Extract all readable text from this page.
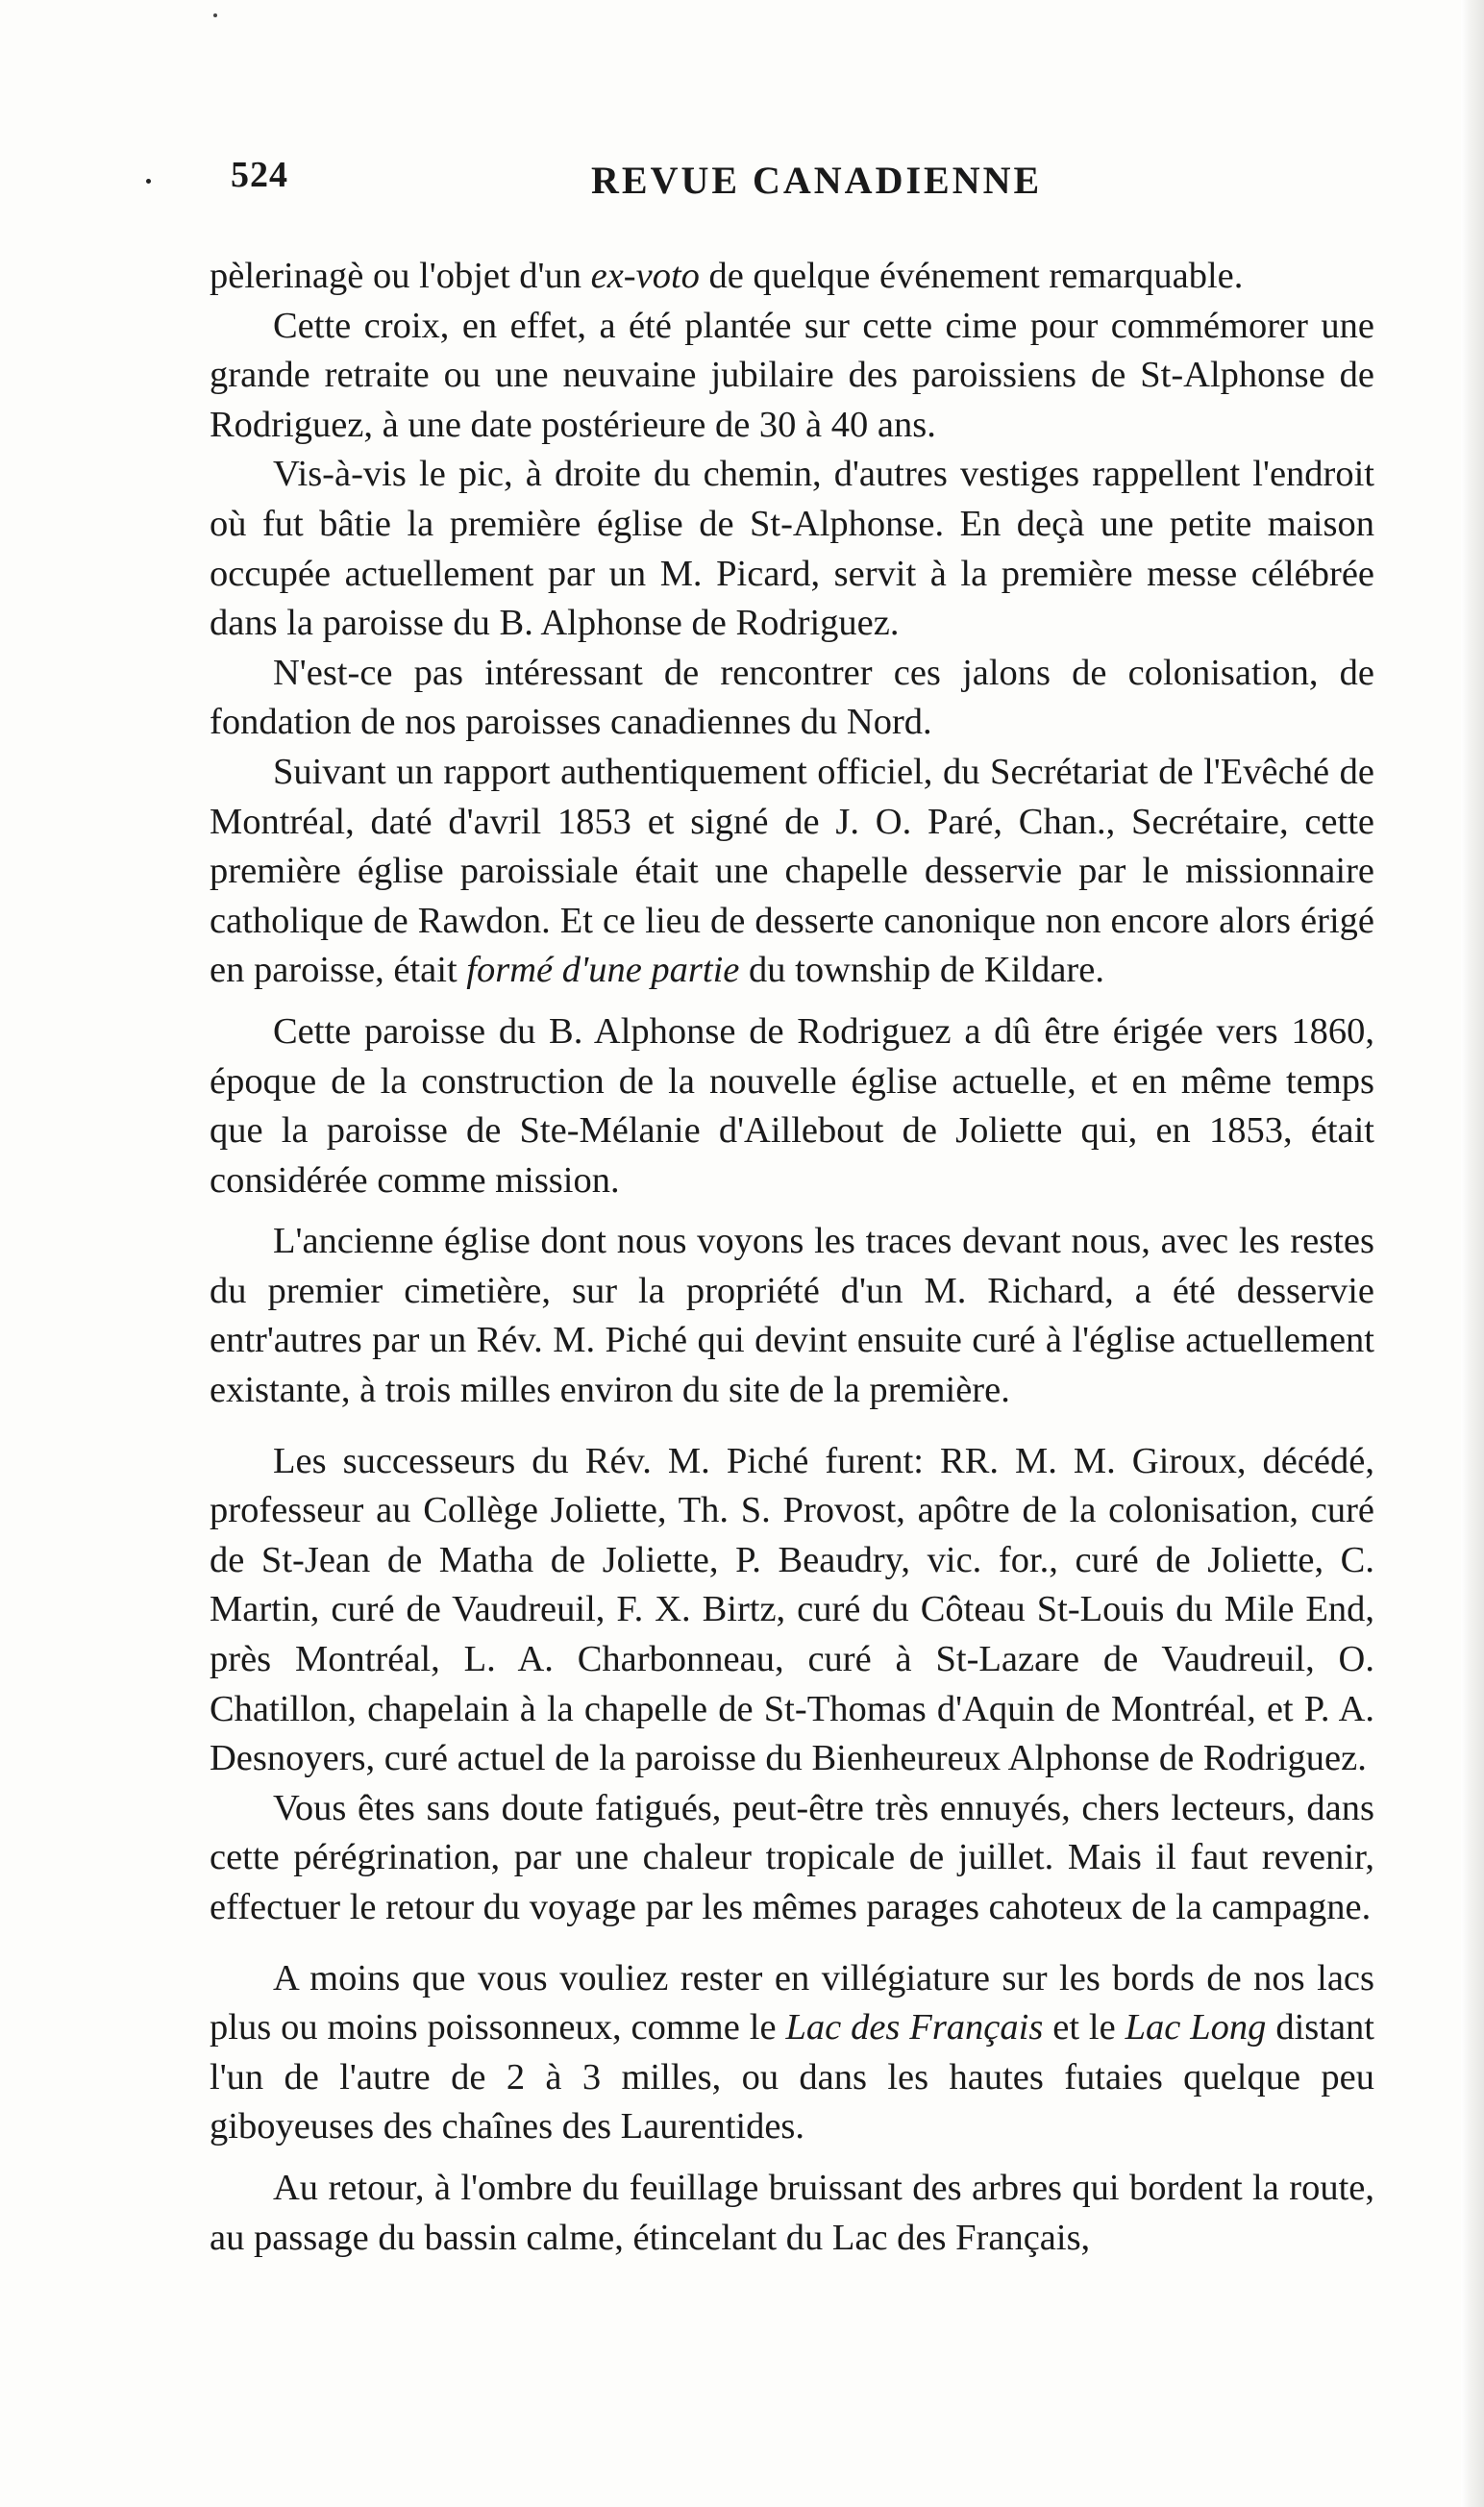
524	REVUE CANADIENNE

pèlerinagè ou l'objet d'un ex-voto de quelque événement remarquable.

Cette croix, en effet, a été plantée sur cette cime pour commémorer une grande retraite ou une neuvaine jubilaire des paroissiens de St-Alphonse de Rodriguez, à une date postérieure de 30 à 40 ans.

Vis-à-vis le pic, à droite du chemin, d'autres vestiges rappellent l'endroit où fut bâtie la première église de St-Alphonse. En deçà une petite maison occupée actuellement par un M. Picard, servit à la première messe célébrée dans la paroisse du B. Alphonse de Rodriguez.

N'est-ce pas intéressant de rencontrer ces jalons de colonisation, de fondation de nos paroisses canadiennes du Nord.

Suivant un rapport authentiquement officiel, du Secrétariat de l'Evêché de Montréal, daté d'avril 1853 et signé de J. O. Paré, Chan., Secrétaire, cette première église paroissiale était une chapelle desservie par le missionnaire catholique de Rawdon. Et ce lieu de desserte canonique non encore alors érigé en paroisse, était formé d'une partie du township de Kildare.

Cette paroisse du B. Alphonse de Rodriguez a dû être érigée vers 1860, époque de la construction de la nouvelle église actuelle, et en même temps que la paroisse de Ste-Mélanie d'Aillebout de Joliette qui, en 1853, était considérée comme mission.

L'ancienne église dont nous voyons les traces devant nous, avec les restes du premier cimetière, sur la propriété d'un M. Richard, a été desservie entr'autres par un Rév. M. Piché qui devint ensuite curé à l'église actuellement existante, à trois milles environ du site de la première.

Les successeurs du Rév. M. Piché furent: RR. M. M. Giroux, décédé, professeur au Collège Joliette, Th. S. Provost, apôtre de la colonisation, curé de St-Jean de Matha de Joliette, P. Beaudry, vic. for., curé de Joliette, C. Martin, curé de Vaudreuil, F. X. Birtz, curé du Côteau St-Louis du Mile End, près Montréal, L. A. Charbonneau, curé à St-Lazare de Vaudreuil, O. Chatillon, chapelain à la chapelle de St-Thomas d'Aquin de Montréal, et P. A. Desnoyers, curé actuel de la paroisse du Bienheureux Alphonse de Rodriguez.

Vous êtes sans doute fatigués, peut-être très ennuyés, chers lecteurs, dans cette pérégrination, par une chaleur tropicale de juillet. Mais il faut revenir, effectuer le retour du voyage par les mêmes parages cahoteux de la campagne.

A moins que vous vouliez rester en villégiature sur les bords de nos lacs plus ou moins poissonneux, comme le Lac des Français et le Lac Long distant l'un de l'autre de 2 à 3 milles, ou dans les hautes futaies quelque peu giboyeuses des chaînes des Laurentides.

Au retour, à l'ombre du feuillage bruissant des arbres qui bordent la route, au passage du bassin calme, étincelant du Lac des Français,
